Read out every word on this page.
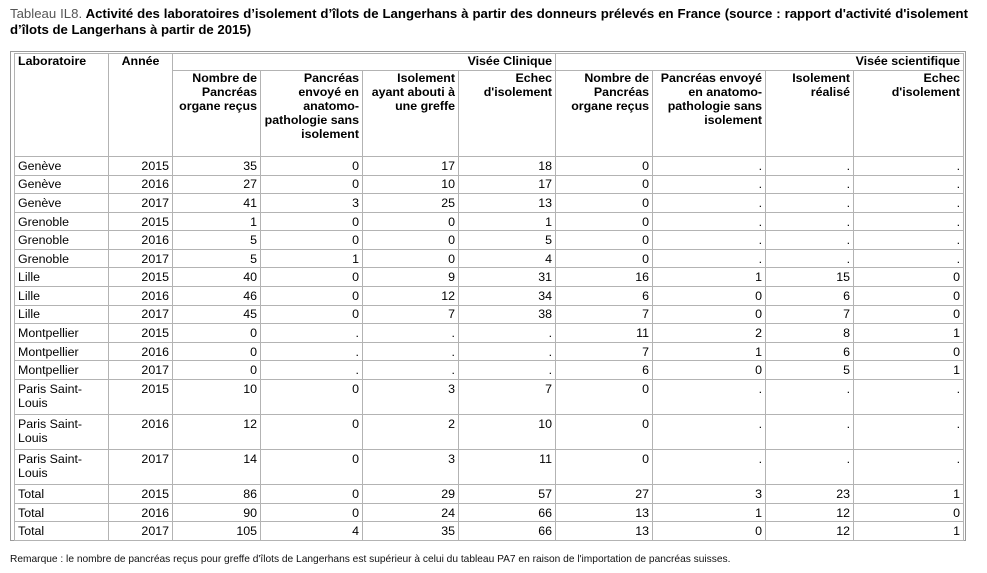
Tableau IL8. Activité des laboratoires d’isolement d’îlots de Langerhans à partir des donneurs prélevés en France (source : rapport d'activité d'isolement d’îlots de Langerhans à partir de 2015)
Laboratoire	Année	Visée Clinique				Visée scientifique			
		Nombre de Pancréas organe reçus	Pancréas envoyé en anatomo-pathologie sans isolement	Isolement ayant abouti à une greffe	Echec d'isolement	Nombre de Pancréas organe reçus	Pancréas envoyé en anatomo-pathologie sans isolement	Isolement réalisé	Echec d'isolement
Genève	2015	35	0	17	18	0	.	.	.
Genève	2016	27	0	10	17	0	.	.	.
Genève	2017	41	3	25	13	0	.	.	.
Grenoble	2015	1	0	0	1	0	.	.	.
Grenoble	2016	5	0	0	5	0	.	.	.
Grenoble	2017	5	1	0	4	0	.	.	.
Lille	2015	40	0	9	31	16	1	15	0
Lille	2016	46	0	12	34	6	0	6	0
Lille	2017	45	0	7	38	7	0	7	0
Montpellier	2015	0	.	.	.	11	2	8	1
Montpellier	2016	0	.	.	.	7	1	6	0
Montpellier	2017	0	.	.	.	6	0	5	1
Paris Saint-Louis	2015	10	0	3	7	0	.	.	.
Paris Saint-Louis	2016	12	0	2	10	0	.	.	.
Paris Saint-Louis	2017	14	0	3	11	0	.	.	.
Total	2015	86	0	29	57	27	3	23	1
Total	2016	90	0	24	66	13	1	12	0
Total	2017	105	4	35	66	13	0	12	1
Remarque : le nombre de pancréas reçus pour greffe d'îlots de Langerhans est supérieur à celui du tableau PA7 en raison de l'importation de pancréas suisses.
